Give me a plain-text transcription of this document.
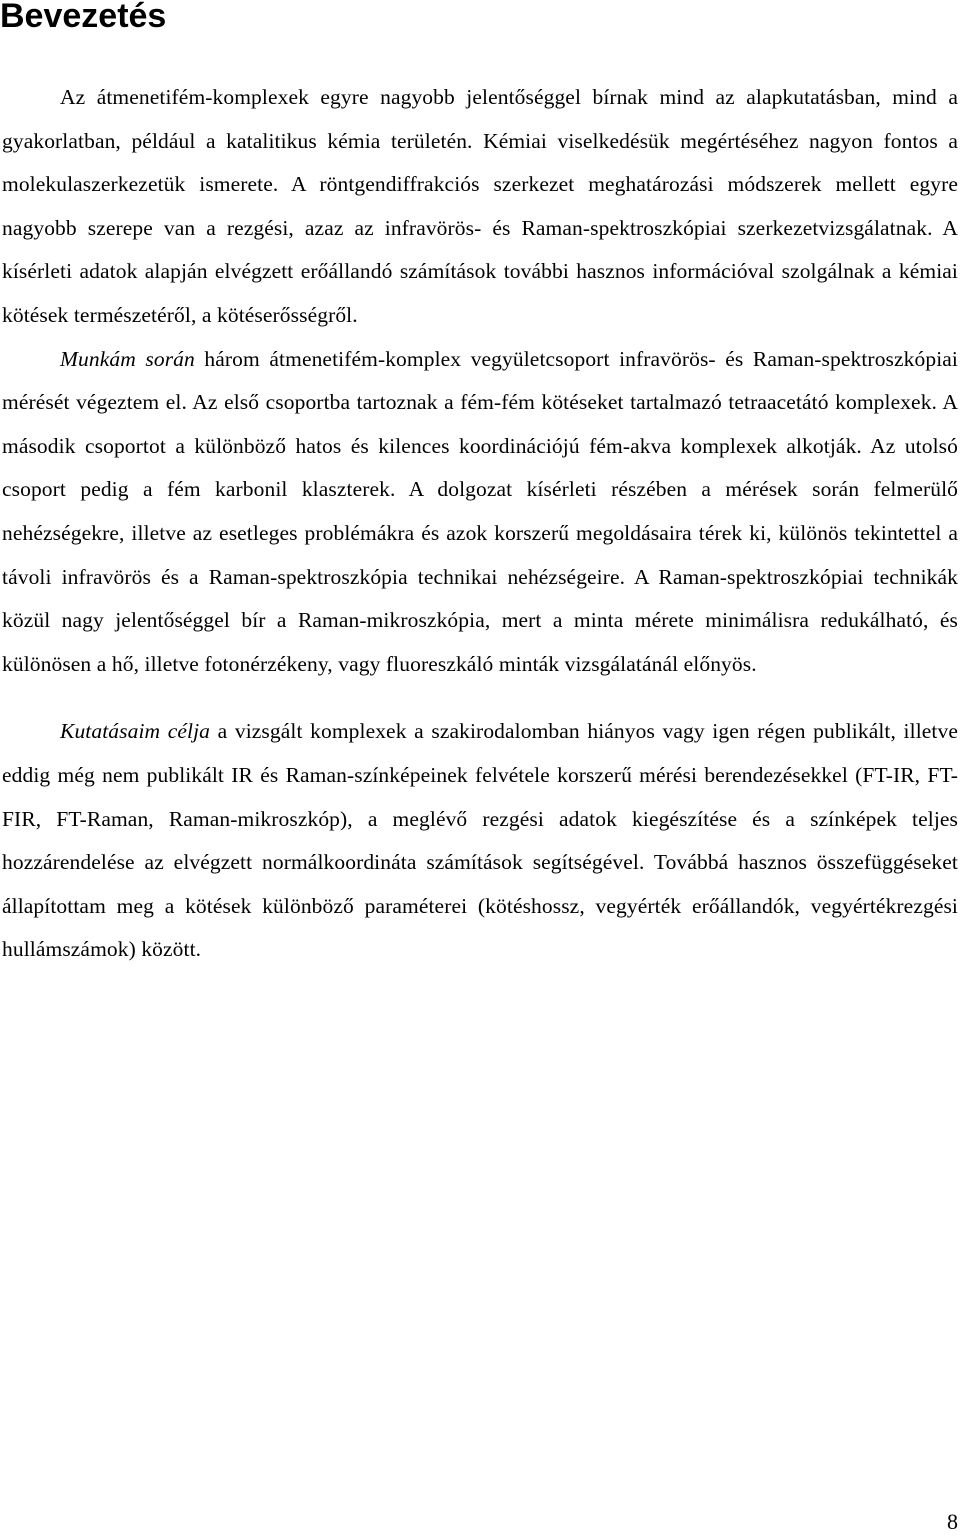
Bevezetés

Az átmenetifém-komplexek egyre nagyobb jelentőséggel bírnak mind az alapkutatásban, mind a gyakorlatban, például a katalitikus kémia területén. Kémiai viselkedésük megértéséhez nagyon fontos a molekulaszerkezetük ismerete. A röntgendiffrakciós szerkezet meghatározási módszerek mellett egyre nagyobb szerepe van a rezgési, azaz az infravörös- és Raman-spektroszkópiai szerkezetvizsgálatnak. A kísérleti adatok alapján elvégzett erőállandó számítások további hasznos információval szolgálnak a kémiai kötések természetéről, a kötéserősségről.

Munkám során három átmenetifém-komplex vegyületcsoport infravörös- és Raman-spektroszkópiai mérését végeztem el. Az első csoportba tartoznak a fém-fém kötéseket tartalmazó tetraacetátó komplexek. A második csoportot a különböző hatos és kilences koordinációjú fém-akva komplexek alkotják. Az utolsó csoport pedig a fém karbonil klaszterek. A dolgozat kísérleti részében a mérések során felmerülő nehézségekre, illetve az esetleges problémákra és azok korszerű megoldásaira térek ki, különös tekintettel a távoli infravörös és a Raman-spektroszkópia technikai nehézségeire. A Raman-spektroszkópiai technikák közül nagy jelentőséggel bír a Raman-mikroszkópia, mert a minta mérete minimálisra redukálható, és különösen a hő, illetve fotonérzékeny, vagy fluoreszkáló minták vizsgálatánál előnyös.

Kutatásaim célja a vizsgált komplexek a szakirodalomban hiányos vagy igen régen publikált, illetve eddig még nem publikált IR és Raman-színképeinek felvétele korszerű mérési berendezésekkel (FT-IR, FT-FIR, FT-Raman, Raman-mikroszkóp), a meglévő rezgési adatok kiegészítése és a színképek teljes hozzárendelése az elvégzett normálkoordináta számítások segítségével. Továbbá hasznos összefüggéseket állapítottam meg a kötések különböző paraméterei (kötéshossz, vegyérték erőállandók, vegyértékrezgési hullámszámok) között.

8
